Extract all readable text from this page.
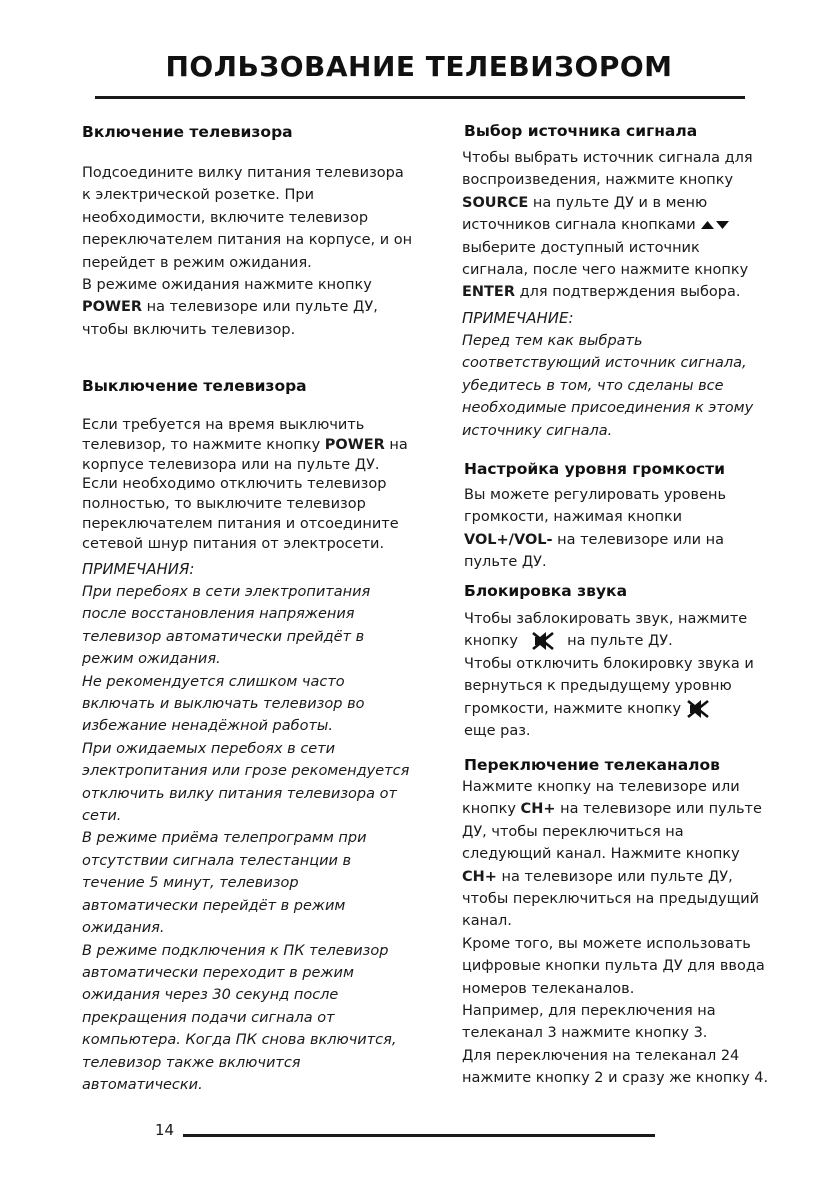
ПОЛЬЗОВАНИЕ ТЕЛЕВИЗОРОМ
Включение телевизора
Подсоедините вилку питания телевизора
к электрической розетке. При
необходимости, включите телевизор
переключателем питания на корпусе, и он
перейдет в режим ожидания.
В режиме ожидания нажмите кнопку
POWER на телевизоре или пульте ДУ,
чтобы включить телевизор.
Выключение телевизора
Если требуется на время выключить
телевизор, то нажмите кнопку POWER на
корпусе телевизора или на пульте ДУ.
Если необходимо отключить телевизор
полностью, то выключите телевизор
переключателем питания и отсоедините
сетевой шнур питания от электросети.
ПРИМЕЧАНИЯ:
При перебоях в сети электропитания
после восстановления напряжения
телевизор автоматически прейдёт в
режим ожидания.
Не рекомендуется слишком часто
включать и выключать телевизор во
избежание ненадёжной работы.
При ожидаемых перебоях в сети
электропитания или грозе рекомендуется
отключить вилку питания телевизора от
сети.
В режиме приёма телепрограмм при
отсутствии сигнала телестанции в
течение 5 минут, телевизор
автоматически перейдёт в режим
ожидания.
В режиме подключения к ПК телевизор
автоматически переходит в режим
ожидания через 30 секунд после
прекращения подачи сигнала от
компьютера. Когда ПК снова включится,
телевизор также включится
автоматически.
Выбор источника сигнала
Чтобы выбрать источник сигнала для
воспроизведения, нажмите кнопку
SOURCE на пульте ДУ и в меню
источников сигнала кнопками
выберите доступный источник
сигнала, после чего нажмите кнопку
ENTER для подтверждения выбора.
ПРИМЕЧАНИЕ:
Перед тем как выбрать
соответствующий источник сигнала,
убедитесь в том, что сделаны все
необходимые присоединения к этому
источнику сигнала.
Настройка уровня громкости
Вы можете регулировать уровень
громкости, нажимая кнопки
VOL+/VOL- на телевизоре или на
пульте ДУ.
Блокировка звука
Чтобы заблокировать звук, нажмите
кнопку	на пульте ДУ.
Чтобы отключить блокировку звука и
вернуться к предыдущему уровню
громкости, нажмите кнопку
еще раз.
Переключение телеканалов
Нажмите кнопку на телевизоре или
кнопку CH+ на телевизоре или пульте
ДУ, чтобы переключиться на
следующий канал. Нажмите кнопку
CH+ на телевизоре или пульте ДУ,
чтобы переключиться на предыдущий
канал.
Кроме того, вы можете использовать
цифровые кнопки пульта ДУ для ввода
номеров телеканалов.
Например, для переключения на
телеканал 3 нажмите кнопку 3.
Для переключения на телеканал 24
нажмите кнопку 2 и сразу же кнопку 4.
14
